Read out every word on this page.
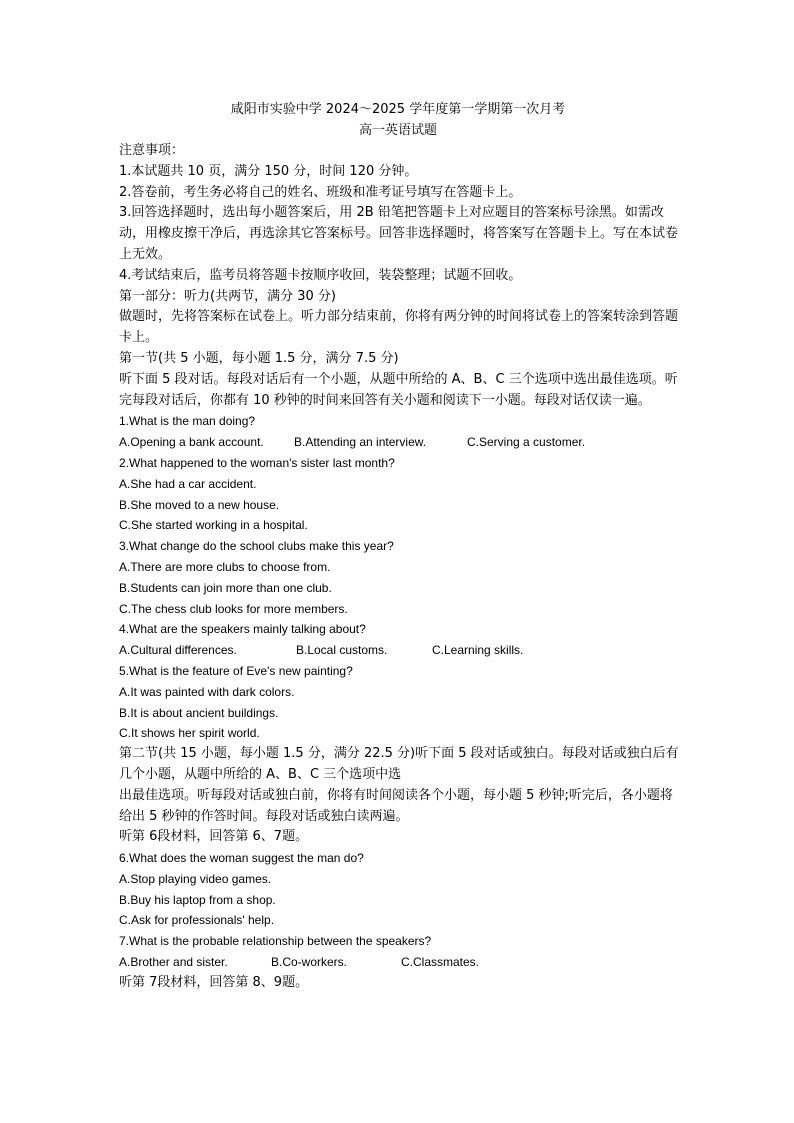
咸阳市实验中学 2024～2025 学年度第一学期第一次月考
高一英语试题
注意事项：
1.本试题共 10 页，满分 150 分，时间 120 分钟。
2.答卷前，考生务必将自己的姓名、班级和准考证号填写在答题卡上。
3.回答选择题时，选出每小题答案后，用 2B 铅笔把答题卡上对应题目的答案标号涂黑。如需改动，用橡皮擦干净后，再选涂其它答案标号。回答非选择题时，将答案写在答题卡上。写在本试卷上无效。
4.考试结束后，监考员将答题卡按顺序收回，装袋整理；试题不回收。
第一部分：听力(共两节，满分 30 分)
做题时，先将答案标在试卷上。听力部分结束前，你将有两分钟的时间将试卷上的答案转涂到答题卡上。
第一节(共 5 小题，每小题 1.5 分，满分 7.5 分)
听下面 5 段对话。每段对话后有一个小题，从题中所给的 A、B、C 三个选项中选出最佳选项。听完每段对话后，你都有 10 秒钟的时间来回答有关小题和阅读下一小题。每段对话仅读一遍。
1.What is the man doing?
A.Opening a bank account.	B.Attending an interview.	C.Serving a customer.
2.What happened to the woman's sister last month?
A.She had a car accident.
B.She moved to a new house.
C.She started working in a hospital.
3.What change do the school clubs make this year?
A.There are more clubs to choose from.
B.Students can join more than one club.
C.The chess club looks for more members.
4.What are the speakers mainly talking about?
A.Cultural differences.	B.Local customs.	C.Learning skills.
5.What is the feature of Eve's new painting?
A.It was painted with dark colors.
B.It is about ancient buildings.
C.It shows her spirit world.
第二节(共 15 小题，每小题 1.5 分，满分 22.5 分)听下面 5 段对话或独白。每段对话或独白后有几个小题，从题中所给的 A、B、C 三个选项中选
出最佳选项。听每段对话或独白前，你将有时间阅读各个小题，每小题 5 秒钟;听完后，各小题将给出 5 秒钟的作答时间。每段对话或独白读两遍。
听第 6段材料，回答第 6、7题。
6.What does the woman suggest the man do?
A.Stop playing video games.
B.Buy his laptop from a shop.
C.Ask for professionals' help.
7.What is the probable relationship between the speakers?
A.Brother and sister.	B.Co-workers.	C.Classmates.
听第 7段材料，回答第 8、9题。
